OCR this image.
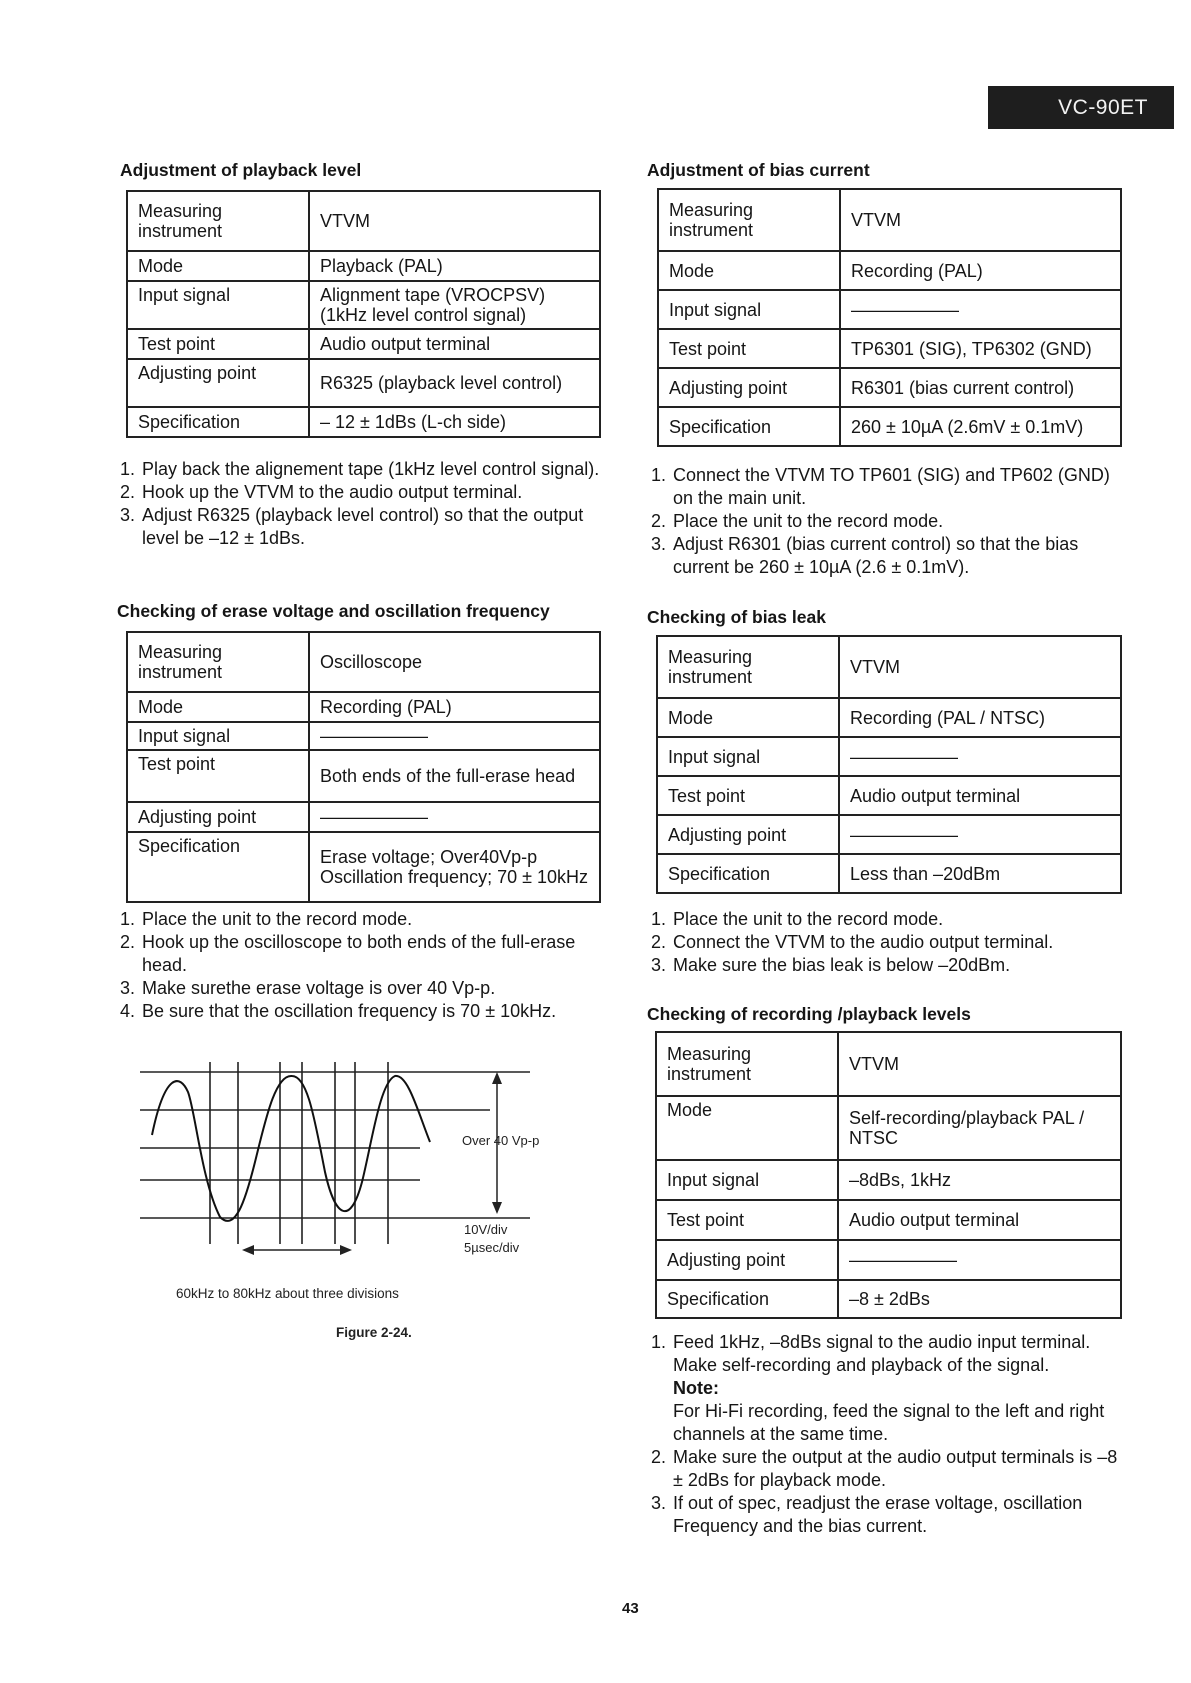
VC-90ET
Adjustment of playback level
Measuring instrument	VTVM
Mode	Playback (PAL)
Input signal	Alignment tape (VROCPSV) (1kHz level control signal)
Test point	Audio output terminal
Adjusting point	R6325 (playback level control)
Specification	– 12 ± 1dBs (L-ch side)
1. Play back the alignement tape (1kHz level control signal).
2. Hook up the VTVM to the audio output terminal.
3. Adjust R6325 (playback level control) so that the output level be –12 ± 1dBs.
Checking of erase voltage and oscillation frequency
Measuring instrument	Oscilloscope
Mode	Recording (PAL)
Input signal	——————
Test point	Both ends of the full-erase head
Adjusting point	——————
Specification	Erase voltage; Over40Vp-p Oscillation frequency; 70 ± 10kHz
1. Place the unit to the record mode.
2. Hook up the oscilloscope to both ends of the full-erase head.
3. Make surethe erase voltage is over 40 Vp-p.
4. Be sure that the oscillation frequency is 70 ± 10kHz.
Over 40 Vp-p
10V/div
5µsec/div
60kHz to 80kHz about three divisions
Figure 2-24.
Adjustment of bias current
Measuring instrument	VTVM
Mode	Recording (PAL)
Input signal	——————
Test point	TP6301 (SIG), TP6302 (GND)
Adjusting point	R6301 (bias current control)
Specification	260 ± 10µA (2.6mV ± 0.1mV)
1. Connect the VTVM TO TP601 (SIG) and TP602 (GND) on the main unit.
2. Place the unit to the record mode.
3. Adjust R6301 (bias current control) so that the bias current be 260 ± 10µA (2.6 ± 0.1mV).
Checking of bias leak
Measuring instrument	VTVM
Mode	Recording (PAL / NTSC)
Input signal	——————
Test point	Audio output terminal
Adjusting point	——————
Specification	Less than –20dBm
1. Place the unit to the record mode.
2. Connect the VTVM to the audio output terminal.
3. Make sure the bias leak is below –20dBm.
Checking of recording /playback levels
Measuring instrument	VTVM
Mode	Self-recording/playback PAL / NTSC
Input signal	–8dBs, 1kHz
Test point	Audio output terminal
Adjusting point	——————
Specification	–8 ± 2dBs
1. Feed 1kHz, –8dBs signal to the audio input terminal. Make self-recording and playback of the signal.
Note:
For Hi-Fi recording, feed the signal to the left and right channels at the same time.
2. Make sure the output at the audio output terminals is –8 ± 2dBs for playback mode.
3. If out of spec, readjust the erase voltage, oscillation Frequency and the bias current.
43
